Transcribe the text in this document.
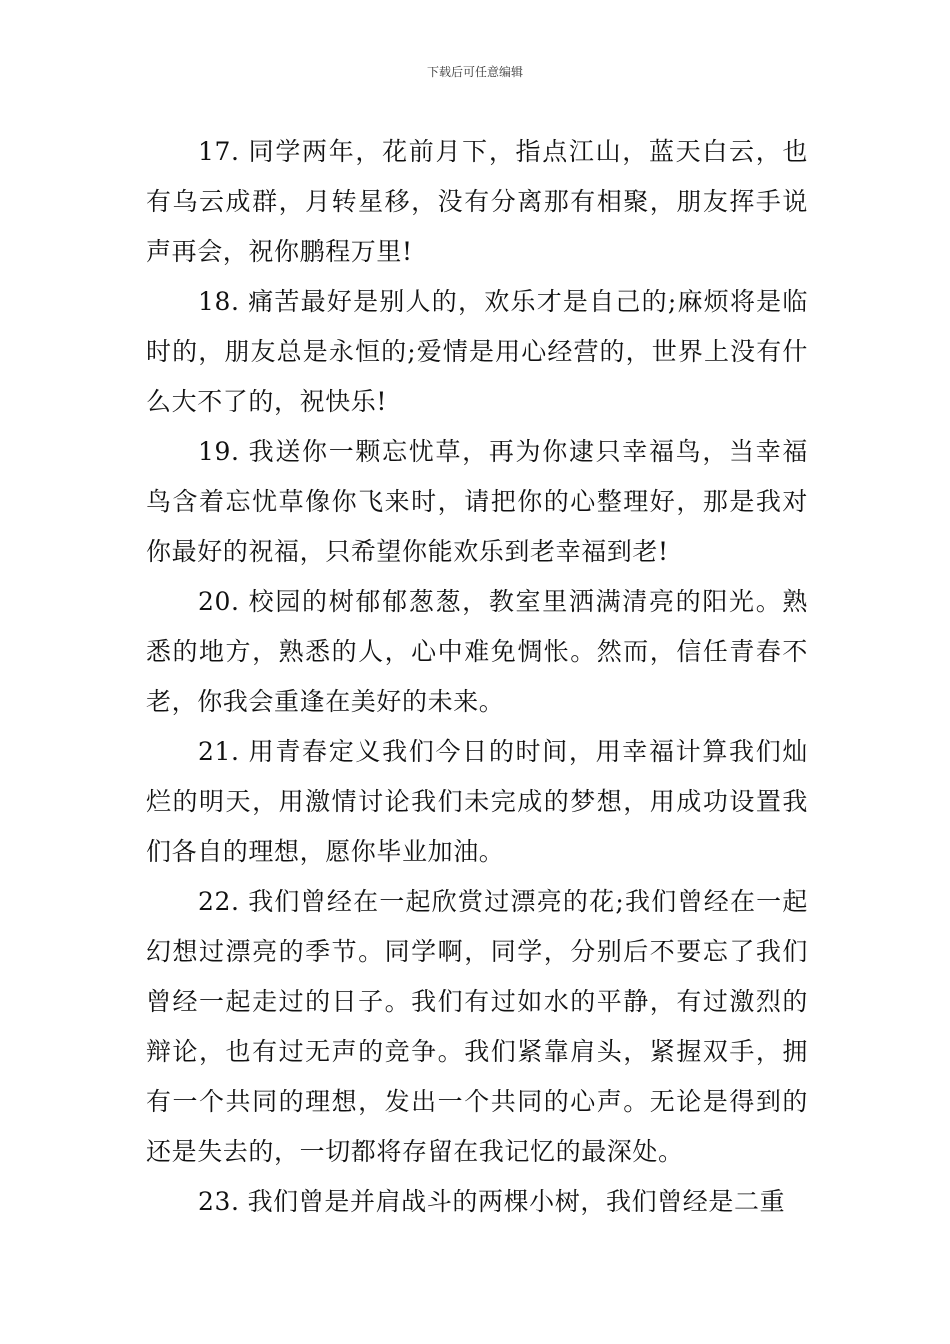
下载后可任意编辑

17. 同学两年，花前月下，指点江山，蓝天白云，也有乌云成群，月转星移，没有分离那有相聚，朋友挥手说声再会，祝你鹏程万里!

18. 痛苦最好是别人的，欢乐才是自己的;麻烦将是临时的，朋友总是永恒的;爱情是用心经营的，世界上没有什么大不了的，祝快乐!

19. 我送你一颗忘忧草，再为你逮只幸福鸟，当幸福鸟含着忘忧草像你飞来时，请把你的心整理好，那是我对你最好的祝福，只希望你能欢乐到老幸福到老!

20. 校园的树郁郁葱葱，教室里洒满清亮的阳光。熟悉的地方，熟悉的人，心中难免惆怅。然而，信任青春不老，你我会重逢在美好的未来。

21. 用青春定义我们今日的时间，用幸福计算我们灿烂的明天，用激情讨论我们未完成的梦想，用成功设置我们各自的理想，愿你毕业加油。

22. 我们曾经在一起欣赏过漂亮的花;我们曾经在一起幻想过漂亮的季节。同学啊，同学，分别后不要忘了我们曾经一起走过的日子。我们有过如水的平静，有过激烈的辩论，也有过无声的竞争。我们紧靠肩头，紧握双手，拥有一个共同的理想，发出一个共同的心声。无论是得到的还是失去的，一切都将存留在我记忆的最深处。

23. 我们曾是并肩战斗的两棵小树，我们曾经是二重
